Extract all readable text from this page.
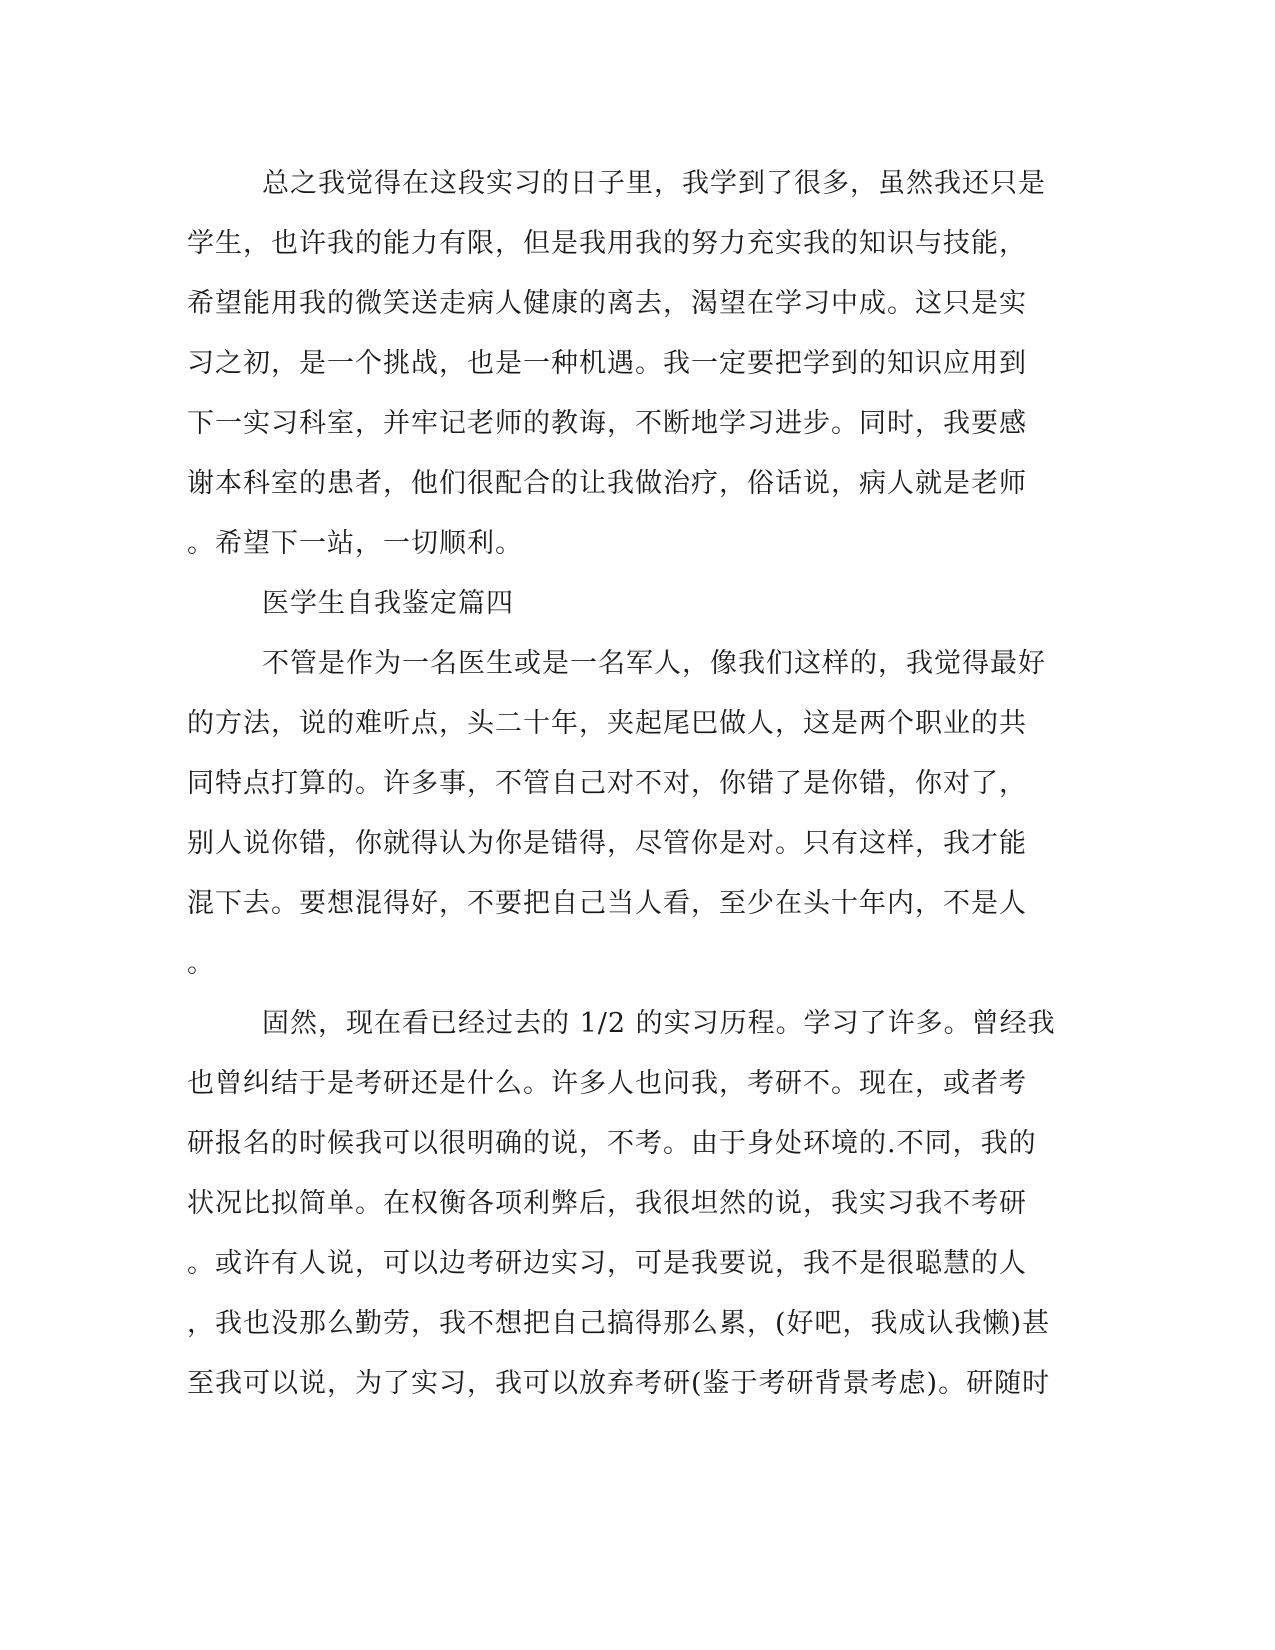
总之我觉得在这段实习的日子里，我学到了很多，虽然我还只是
学生，也许我的能力有限，但是我用我的努力充实我的知识与技能，
希望能用我的微笑送走病人健康的离去，渴望在学习中成。这只是实
习之初，是一个挑战，也是一种机遇。我一定要把学到的知识应用到
下一实习科室，并牢记老师的教诲，不断地学习进步。同时，我要感
谢本科室的患者，他们很配合的让我做治疗，俗话说，病人就是老师
。希望下一站，一切顺利。
医学生自我鉴定篇四
不管是作为一名医生或是一名军人，像我们这样的，我觉得最好
的方法，说的难听点，头二十年，夹起尾巴做人，这是两个职业的共
同特点打算的。许多事，不管自己对不对，你错了是你错，你对了，
别人说你错，你就得认为你是错得，尽管你是对。只有这样，我才能
混下去。要想混得好，不要把自己当人看，至少在头十年内，不是人
。
固然，现在看已经过去的 1/2 的实习历程。学习了许多。曾经我
也曾纠结于是考研还是什么。许多人也问我，考研不。现在，或者考
研报名的时候我可以很明确的说，不考。由于身处环境的.不同，我的
状况比拟简单。在权衡各项利弊后，我很坦然的说，我实习我不考研
。或许有人说，可以边考研边实习，可是我要说，我不是很聪慧的人
，我也没那么勤劳，我不想把自己搞得那么累，(好吧，我成认我懒)甚
至我可以说，为了实习，我可以放弃考研(鉴于考研背景考虑)。研随时
